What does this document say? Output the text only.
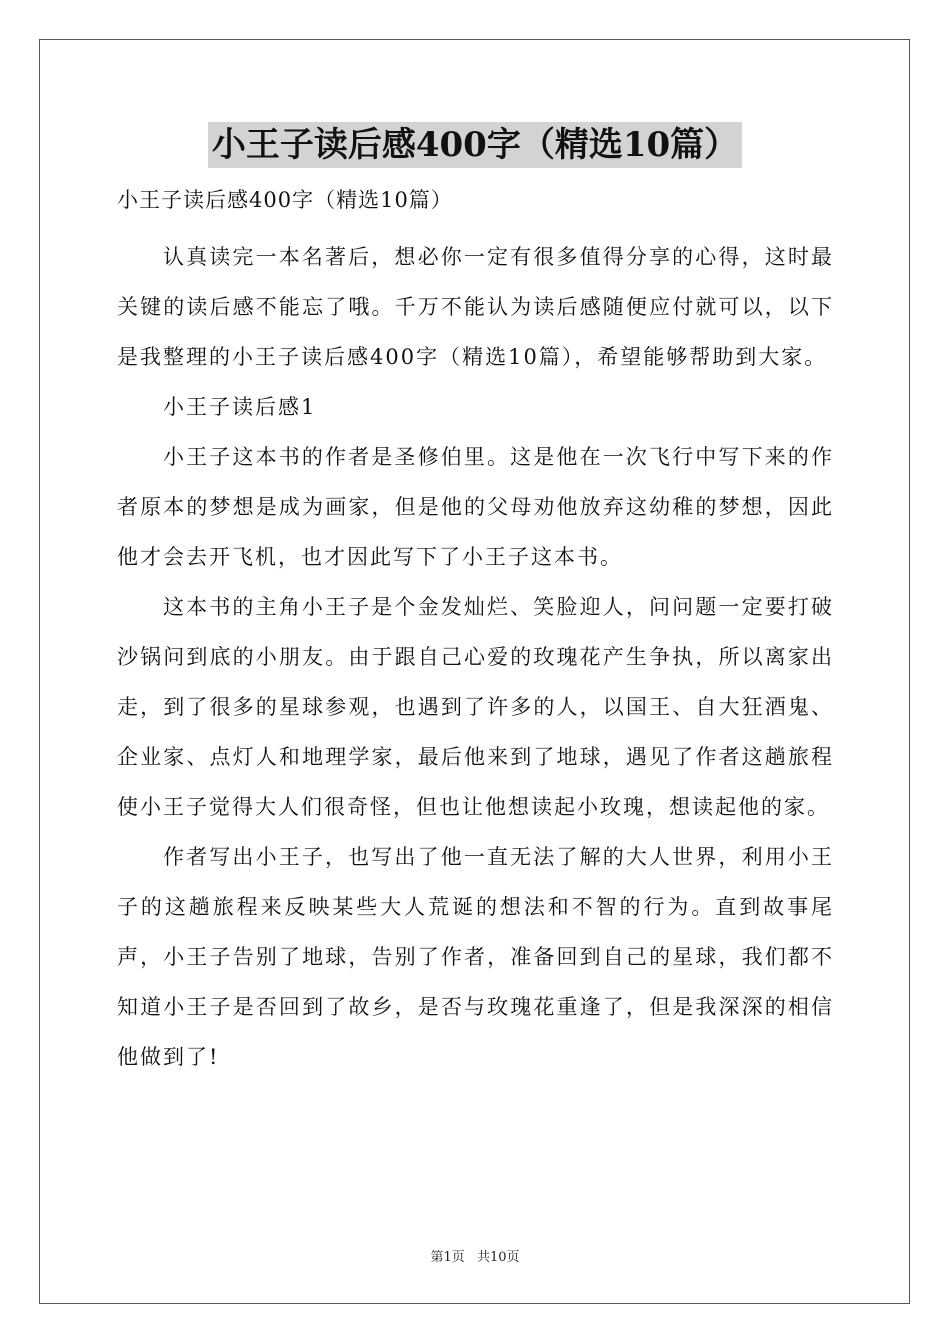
小王子读后感400字（精选10篇）

小王子读后感400字（精选10篇）

认真读完一本名著后，想必你一定有很多值得分享的心得，这时最关键的读后感不能忘了哦。千万不能认为读后感随便应付就可以，以下是我整理的小王子读后感400字（精选10篇），希望能够帮助到大家。

小王子读后感1

小王子这本书的作者是圣修伯里。这是他在一次飞行中写下来的作者原本的梦想是成为画家，但是他的父母劝他放弃这幼稚的梦想，因此他才会去开飞机，也才因此写下了小王子这本书。

这本书的主角小王子是个金发灿烂、笑脸迎人，问问题一定要打破沙锅问到底的小朋友。由于跟自己心爱的玫瑰花产生争执，所以离家出走，到了很多的星球参观，也遇到了许多的人，以国王、自大狂酒鬼、企业家、点灯人和地理学家，最后他来到了地球，遇见了作者这趟旅程使小王子觉得大人们很奇怪，但也让他想读起小玫瑰，想读起他的家。

作者写出小王子，也写出了他一直无法了解的大人世界，利用小王子的这趟旅程来反映某些大人荒诞的想法和不智的行为。直到故事尾声，小王子告别了地球，告别了作者，准备回到自己的星球，我们都不知道小王子是否回到了故乡，是否与玫瑰花重逢了，但是我深深的相信他做到了!

第1页 共10页
